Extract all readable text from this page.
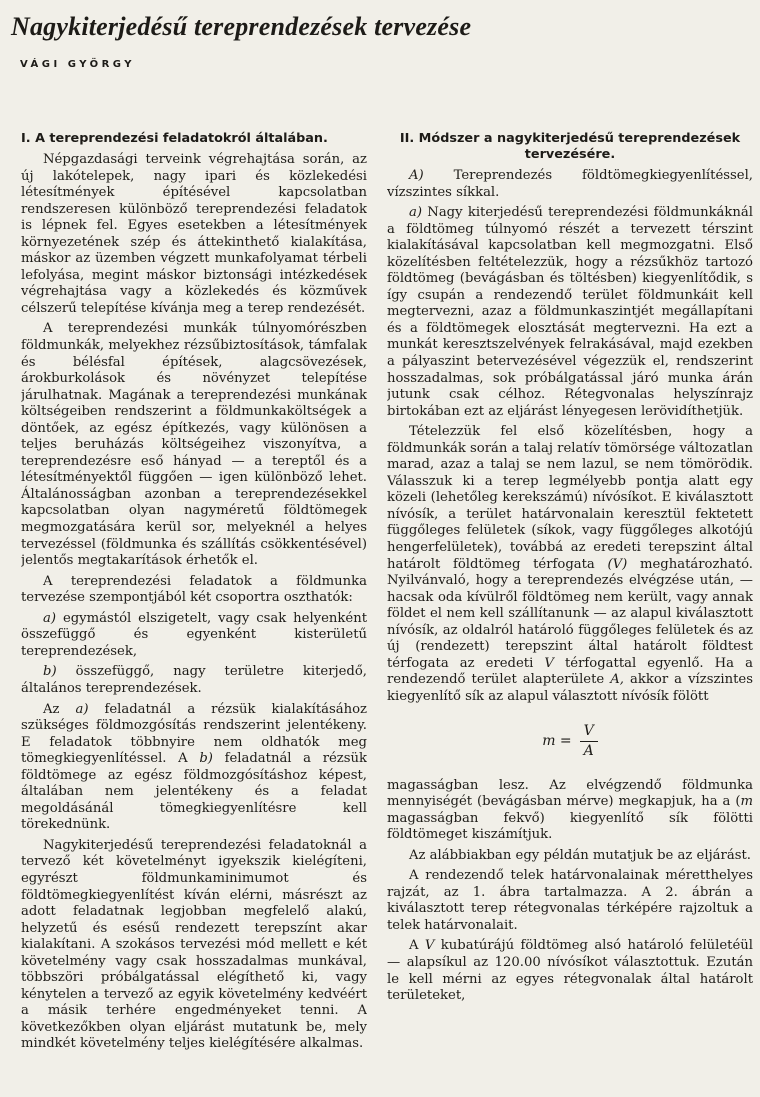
Nagykiterjedésű tereprendezések tervezése
VÁGI GYÖRGY
I. A tereprendezési feladatokról általában.

Népgazdasági terveink végrehajtása során, az új lakótelepek, nagy ipari és közlekedési létesítmények építésével kapcsolatban rendszeresen különböző tereprendezési feladatok is lépnek fel. Egyes esetekben a létesítmények környezetének szép és áttekinthető kialakítása, máskor az üzemben végzett munkafolyamat térbeli lefolyása, megint máskor biztonsági intézkedések végrehajtása vagy a közlekedés és közművek célszerű telepítése kívánja meg a terep rendezését.

A tereprendezési munkák túlnyomórészben földmunkák, melyekhez rézsűbiztosítások, támfalak és bélésfal építések, alagcsövezések, árokburkolások és növényzet telepítése járulhatnak. Magának a tereprendezési munkának költségeiben rendszerint a földmunkaköltségek a döntőek, az egész építkezés, vagy különösen a teljes beruházás költségeihez viszonyítva, a tereprendezésre eső hányad — a tereptől és a létesítményektől függően — igen különböző lehet. Általánosságban azonban a tereprendezésekkel kapcsolatban olyan nagyméretű földtömegek megmozgatására kerül sor, melyeknél a helyes tervezéssel (földmunka és szállítás csökkentésével) jelentős megtakarítások érhetők el.

A tereprendezési feladatok a földmunka tervezése szempontjából két csoportra oszthatók:

a) egymástól elszigetelt, vagy csak helyenként összefüggő és egyenként kisterületű tereprendezések,

b) összefüggő, nagy területre kiterjedő, általános tereprendezések.

Az a) feladatnál a rézsük kialakításához szükséges földmozgósítás rendszerint jelentékeny. E feladatok többnyire nem oldhatók meg tömegkiegyenlítéssel. A b) feladatnál a rézsük földtömege az egész földmozgósításhoz képest, általában nem jelentékeny és a feladat megoldásánál tömegkiegyenlítésre kell törekednünk.

Nagykiterjedésű tereprendezési feladatoknál a tervező két követelményt igyekszik kielégíteni, egyrészt földmunkaminimumot és földtömegkiegyenlítést kíván elérni, másrészt az adott feladatnak legjobban megfelelő alakú, helyzetű és esésű rendezett terepszínt akar kialakítani. A szokásos tervezési mód mellett e két követelmény vagy csak hosszadalmas munkával, többszöri próbálgatással elégíthető ki, vagy kénytelen a tervező az egyik követelmény kedvéért a másik terhére engedményeket tenni. A következőkben olyan eljárást mutatunk be, mely mindkét követelmény teljes kielégítésére alkalmas.

II. Módszer a nagykiterjedésű tereprendezések tervezésére.

A) Tereprendezés földtömegkiegyenlítéssel, vízszintes síkkal.

a) Nagy kiterjedésű tereprendezési földmunkáknál a földtömeg túlnyomó részét a tervezett térszint kialakításával kapcsolatban kell megmozgatni. Első közelítésben feltételezzük, hogy a rézsűkhöz tartozó földtömeg (bevágásban és töltésben) kiegyenlítődik, s így csupán a rendezendő terület földmunkáit kell megtervezni, azaz a földmunkaszintjét megállapítani és a földtömegek elosztását megtervezni. Ha ezt a munkát keresztszelvények felrakásával, majd ezekben a pályaszint betervezésével végezzük el, rendszerint hosszadalmas, sok próbálgatással járó munka árán jutunk csak célhoz. Rétegvonalas helyszínrajz birtokában ezt az eljárást lényegesen lerövidíthetjük.

Tételezzük fel első közelítésben, hogy a földmunkák során a talaj relatív tömörsége változatlan marad, azaz a talaj se nem lazul, se nem tömörödik. Válasszuk ki a terep legmélyebb pontja alatt egy közeli (lehetőleg kerekszámú) nívósíkot. E kiválasztott nívósík, a terület határvonalain keresztül fektetett függőleges felületek (síkok, vagy függőleges alkotójú hengerfelületek), továbbá az eredeti terepszint által határolt földtömeg térfogata (V) meghatározható. Nyilvánvaló, hogy a tereprendezés elvégzése után, — hacsak oda kívülről földtömeg nem került, vagy annak földet el nem kell szállítanunk — az alapul kiválasztott nívósík, az oldalról határoló függőleges felületek és az új (rendezett) terepszint által határolt földtest térfogata az eredeti V térfogattal egyenlő. Ha a rendezendő terület alapterülete A, akkor a vízszintes kiegyenlítő sík az alapul választott nívósík fölött

$m = \frac{V}{A}$

magasságban lesz. Az elvégzendő földmunka mennyiségét (bevágásban mérve) megkapjuk, ha a (m magasságban fekvő) kiegyenlítő sík fölötti földtömeget kiszámítjuk.

Az alábbiakban egy példán mutatjuk be az eljárást.

A rendezendő telek határvonalainak méretthelyes rajzát, az 1. ábra tartalmazza. A 2. ábrán a kiválasztott terep rétegvonalas térképére rajzoltuk a telek határvonalait.

A V kubatúrájú földtömeg alsó határoló felületéül — alapsíkul az 120.00 nívósíkot választottuk. Ezután le kell mérni az egyes rétegvonalak által határolt területeket,
